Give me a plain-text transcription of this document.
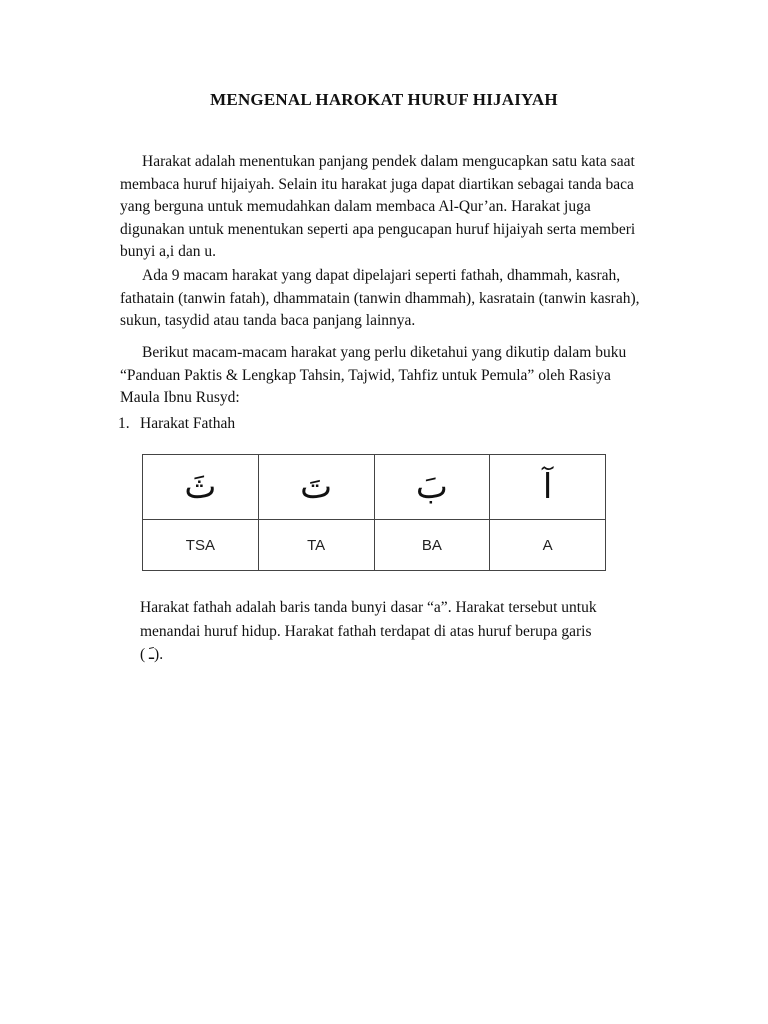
MENGENAL HAROKAT HURUF HIJAIYAH

Harakat adalah menentukan panjang pendek dalam mengucapkan satu kata saat membaca huruf hijaiyah. Selain itu harakat juga dapat diartikan sebagai tanda baca yang berguna untuk memudahkan dalam membaca Al-Qur’an. Harakat juga digunakan untuk menentukan seperti apa pengucapan huruf hijaiyah serta memberi bunyi a,i dan u.

Ada 9 macam harakat yang dapat dipelajari seperti fathah, dhammah, kasrah, fathatain (tanwin fatah), dhammatain (tanwin dhammah), kasratain (tanwin kasrah), sukun, tasydid atau tanda baca panjang lainnya.

Berikut macam-macam harakat yang perlu diketahui yang dikutip dalam buku “Panduan Paktis & Lengkap Tahsin, Tajwid, Tahfiz untuk Pemula” oleh Rasiya Maula Ibnu Rusyd:

1. Harakat Fathah
ثَ	تَ	بَ	آ
TSA	TA	BA	A

Harakat fathah adalah baris tanda bunyi dasar “a”. Harakat tersebut untuk menandai huruf hidup. Harakat fathah terdapat di atas huruf berupa garis
( ـَ).
